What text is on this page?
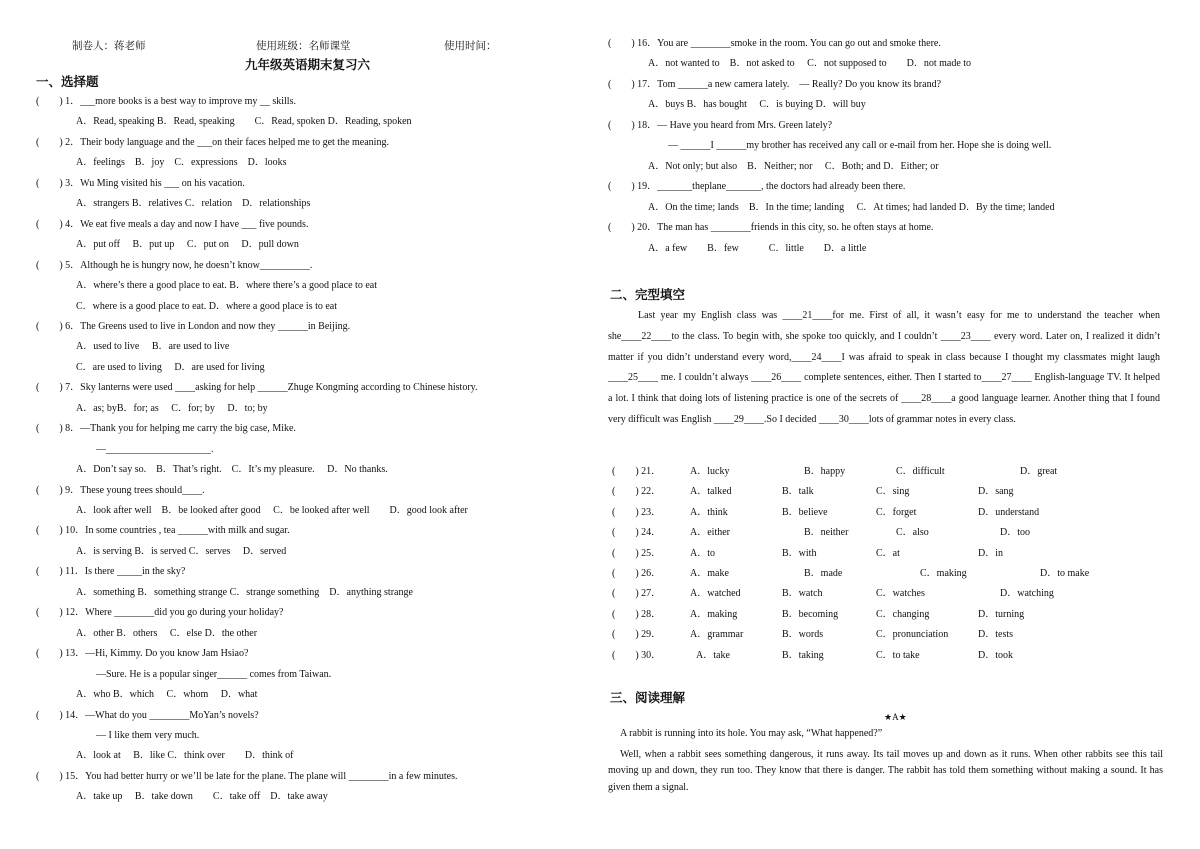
制卷人：蒋老师	使用班级：名师课堂	使用时间：
九年级英语期末复习六
一、选择题
(　　) 1．___more books is a best way to improve my __ skills.
A．Read, speaking B．Read, speaking　　C．Read, spoken D．Reading, spoken
(　　) 2．Their body language and the ___on their faces helped me to get the meaning.
A．feelings　B．joy　C．expressions　D．looks
(　　) 3．Wu Ming visited his ___ on his vacation.
A．strangers B．relatives C．relation　D．relationships
(　　) 4．We eat five meals a day and now I have ___ five pounds.
A．put off　 B．put up　 C．put on　 D．pull down
(　　) 5．Although he is hungry now, he doesn’t know__________.
A．where’s there a good place to eat. B．where there’s a good place to eat
C．where is a good place to eat. D．where a good place is to eat
(　　) 6．The Greens used to live in London and now they ______in Beijing.
A．used to live　 B．are used to live
C．are used to living　 D．are used for living
(　　) 7．Sky lanterns were used ____asking for help ______Zhuge Kongming according to Chinese history.
A．as; byB．for; as　 C．for; by　 D．to; by
(　　) 8．—Thank you for helping me carry the big case, Mike.
—_____________________.
A．Don’t say so.　B．That’s right.　C．It’s my pleasure.　 D．No thanks.
(　　) 9．These young trees should____.
A．look after well　B．be looked after good　 C．be looked after well　　D．good look after
(　　) 10．In some countries , tea ______with milk and sugar.
A．is serving B．is served C．serves　 D．served
(　　) 11．Is there _____in the sky?
A．something B．something strange C．strange something　D．anything strange
(　　) 12．Where ________did you go during your holiday?
A．other B．others　 C．else D．the other
(　　) 13．—Hi, Kimmy. Do you know Jam Hsiao?
—Sure. He is a popular singer______ comes from Taiwan.
A．who B．which　 C．whom　 D．what
(　　) 14．—What do you ________MoYan’s novels?
— I like them very much.
A．look at　 B．like C．think over　　D．think of
(　　) 15．You had better hurry or we’ll be late for the plane. The plane will ________in a few minutes.
A．take up　 B．take down　　C．take off　D．take away
(　　) 16．You are ________smoke in the room. You can go out and smoke there.
A．not wanted to　B．not asked to　 C．not supposed to　　D．not made to
(　　) 17．Tom ______a new camera lately.　— Really? Do you know its brand?
A．buys B．has bought　 C．is buying D．will buy
(　　) 18．— Have you heard from Mrs. Green lately?
— ______I ______my brother has received any call or e-mail from her. Hope she is doing well.
A．Not only; but also　B．Neither; nor　 C．Both; and D．Either; or
(　　) 19．_______theplane_______, the doctors had already been there.
A．On the time; lands　B．In the time; landing　 C．At times; had landed D．By the time; landed
(　　) 20．The man has ________friends in this city, so. he often stays at home.
A．a few　　B．few　　　C．little　　D．a little
二、完型填空

Last year my English class was ____21____for me. First of all, it wasn’t easy for me to understand the teacher when she____22____to the class. To begin with, she spoke too quickly, and I couldn’t ____23____ every word. Later on, I realized it didn’t matter if you didn’t understand every word,____24____I was afraid to speak in class because I thought my classmates might laugh ____25____ me. I couldn’t always ____26____ complete sentences, either. Then I started to____27____ English-language TV. It helped a lot. I think that doing lots of listening practice is one of the secrets of ____28____a good language learner. Another thing that I found very difficult was English ____29____.So I decided ____30____lots of grammar notes in every class.

(　　) 21．	A．lucky	B．happy	C．difficult	D．great
(　　) 22．	A．talked	B．talk	C．sing	D．sang
(　　) 23．	A．think	B．believe	C．forget	D．understand
(　　) 24．	A．either	B．neither	C．also	D．too
(　　) 25．	A．to	B．with	C．at	D．in
(　　) 26．	A．make	B．made	C．making	D．to make
(　　) 27．	A．watched	B．watch	C．watches	D．watching
(　　) 28．	A．making	B．becoming	C．changing	D．turning
(　　) 29．	A．grammar	B．words	C．pronunciation	D．tests
(　　) 30．	A．take	B．taking	C．to take	D．took
三、阅读理解
★A★

A rabbit is running into its hole. You may ask, “What happened?”

Well, when a rabbit sees something dangerous, it runs away. Its tail moves up and down as it runs. When other rabbits see this tail moving up and down, they run too. They know that there is danger. The rabbit has told them something without making a sound. It has given them a signal.
